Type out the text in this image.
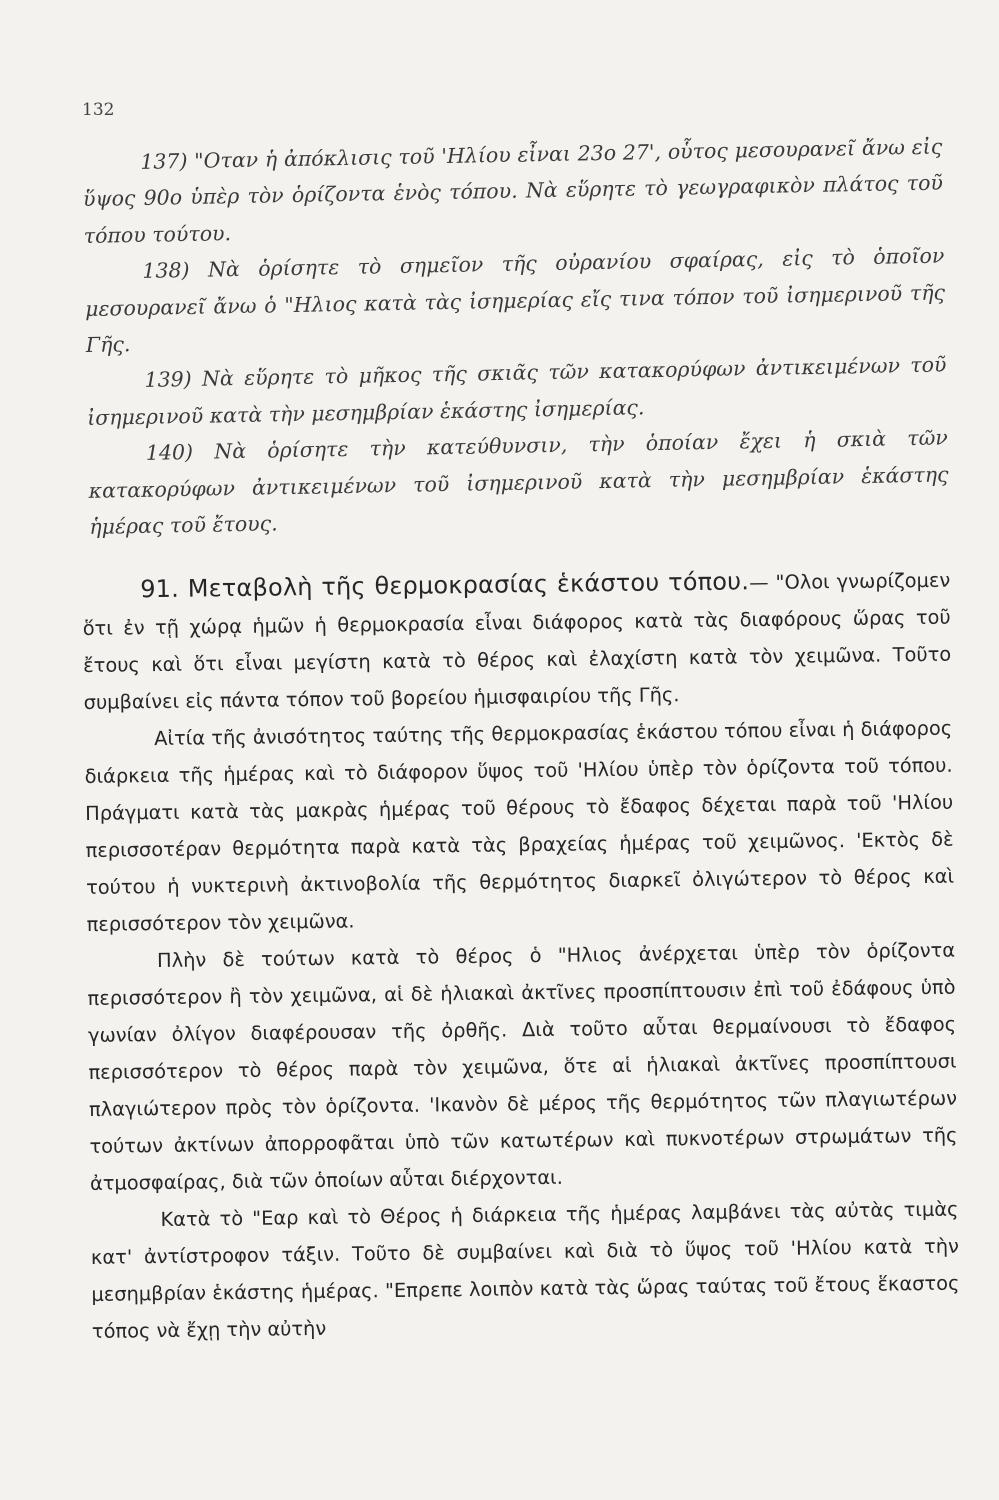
132

137) "Οταν ἡ ἀπόκλισις τοῦ 'Ηλίου εἶναι 23ο 27', οὗτος μεσουρανεῖ ἄνω εἰς ὕψος 90ο ὑπὲρ τὸν ὁρίζοντα ἑνὸς τόπου. Νὰ εὕρητε τὸ γεωγραφικὸν πλάτος τοῦ τόπου τούτου.

138) Νὰ ὁρίσητε τὸ σημεῖον τῆς οὐρανίου σφαίρας, εἰς τὸ ὁποῖον μεσουρανεῖ ἄνω ὁ "Ηλιος κατὰ τὰς ἰσημερίας εἴς τινα τόπον τοῦ ἰσημερινοῦ τῆς Γῆς.

139) Νὰ εὕρητε τὸ μῆκος τῆς σκιᾶς τῶν κατακορύφων ἀντικειμένων τοῦ ἰσημερινοῦ κατὰ τὴν μεσημβρίαν ἑκάστης ἰσημερίας.

140) Νὰ ὁρίσητε τὴν κατεύθυνσιν, τὴν ὁποίαν ἔχει ἡ σκιὰ τῶν κατακορύφων ἀντικειμένων τοῦ ἰσημερινοῦ κατὰ τὴν μεσημβρίαν ἑκάστης ἡμέρας τοῦ ἔτους.

91. Μεταβολὴ τῆς θερμοκρασίας ἑκάστου τόπου.— "Ολοι γνωρίζομεν ὅτι ἐν τῇ χώρᾳ ἡμῶν ἡ θερμοκρασία εἶναι διάφορος κατὰ τὰς διαφόρους ὥρας τοῦ ἔτους καὶ ὅτι εἶναι μεγίστη κατὰ τὸ θέρος καὶ ἐλαχίστη κατὰ τὸν χειμῶνα. Τοῦτο συμβαίνει εἰς πάντα τόπον τοῦ βορείου ἡμισφαιρίου τῆς Γῆς.

Αἰτία τῆς ἀνισότητος ταύτης τῆς θερμοκρασίας ἑκάστου τόπου εἶναι ἡ διάφορος διάρκεια τῆς ἡμέρας καὶ τὸ διάφορον ὕψος τοῦ 'Ηλίου ὑπὲρ τὸν ὁρίζοντα τοῦ τόπου. Πράγματι κατὰ τὰς μακρὰς ἡμέρας τοῦ θέρους τὸ ἔδαφος δέχεται παρὰ τοῦ 'Ηλίου περισσοτέραν θερμότητα παρὰ κατὰ τὰς βραχείας ἡμέρας τοῦ χειμῶνος. 'Εκτὸς δὲ τούτου ἡ νυκτερινὴ ἀκτινοβολία τῆς θερμότητος διαρκεῖ ὀλιγώτερον τὸ θέρος καὶ περισσότερον τὸν χειμῶνα.

Πλὴν δὲ τούτων κατὰ τὸ θέρος ὁ "Ηλιος ἀνέρχεται ὑπὲρ τὸν ὁρίζοντα περισσότερον ἢ τὸν χειμῶνα, αἱ δὲ ἡλιακαὶ ἀκτῖνες προσπίπτουσιν ἐπὶ τοῦ ἐδάφους ὑπὸ γωνίαν ὀλίγον διαφέρουσαν τῆς ὀρθῆς. Διὰ τοῦτο αὗται θερμαίνουσι τὸ ἔδαφος περισσότερον τὸ θέρος παρὰ τὸν χειμῶνα, ὅτε αἱ ἡλιακαὶ ἀκτῖνες προσπίπτουσι πλαγιώτερον πρὸς τὸν ὁρίζοντα. 'Ικανὸν δὲ μέρος τῆς θερμότητος τῶν πλαγιωτέρων τούτων ἀκτίνων ἀπορροφᾶται ὑπὸ τῶν κατωτέρων καὶ πυκνοτέρων στρωμάτων τῆς ἀτμοσφαίρας, διὰ τῶν ὁποίων αὗται διέρχονται.

Κατὰ τὸ "Εαρ καὶ τὸ Θέρος ἡ διάρκεια τῆς ἡμέρας λαμβάνει τὰς αὐτὰς τιμὰς κατ' ἀντίστροφον τάξιν. Τοῦτο δὲ συμβαίνει καὶ διὰ τὸ ὕψος τοῦ 'Ηλίου κατὰ τὴν μεσημβρίαν ἑκάστης ἡμέρας. "Επρεπε λοιπὸν κατὰ τὰς ὥρας ταύτας τοῦ ἔτους ἕκαστος τόπος νὰ ἔχῃ τὴν αὐτὴν
